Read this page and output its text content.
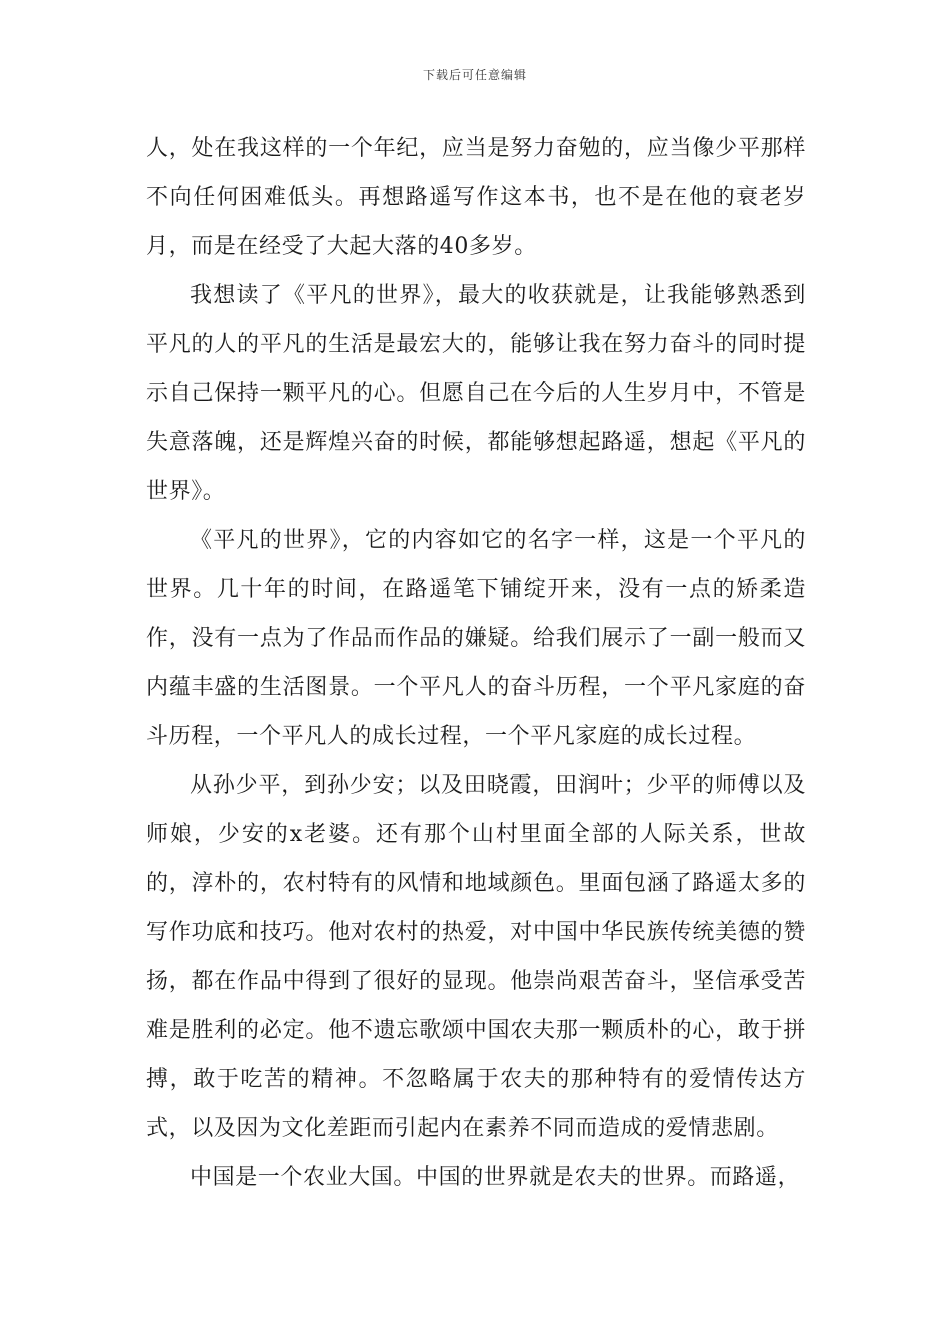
下载后可任意编辑

人，处在我这样的一个年纪，应当是努力奋勉的，应当像少平那样不向任何困难低头。再想路遥写作这本书，也不是在他的衰老岁月，而是在经受了大起大落的40多岁。

我想读了《平凡的世界》，最大的收获就是，让我能够熟悉到平凡的人的平凡的生活是最宏大的，能够让我在努力奋斗的同时提示自己保持一颗平凡的心。但愿自己在今后的人生岁月中，不管是失意落魄，还是辉煌兴奋的时候，都能够想起路遥，想起《平凡的世界》。

《平凡的世界》，它的内容如它的名字一样，这是一个平凡的世界。几十年的时间，在路遥笔下铺绽开来，没有一点的矫柔造作，没有一点为了作品而作品的嫌疑。给我们展示了一副一般而又内蕴丰盛的生活图景。一个平凡人的奋斗历程，一个平凡家庭的奋斗历程，一个平凡人的成长过程，一个平凡家庭的成长过程。

从孙少平，到孙少安；以及田晓霞，田润叶；少平的师傅以及师娘，少安的x老婆。还有那个山村里面全部的人际关系，世故的，淳朴的，农村特有的风情和地域颜色。里面包涵了路遥太多的写作功底和技巧。他对农村的热爱，对中国中华民族传统美德的赞扬，都在作品中得到了很好的显现。他崇尚艰苦奋斗，坚信承受苦难是胜利的必定。他不遗忘歌颂中国农夫那一颗质朴的心，敢于拼搏，敢于吃苦的精神。不忽略属于农夫的那种特有的爱情传达方式，以及因为文化差距而引起内在素养不同而造成的爱情悲剧。

中国是一个农业大国。中国的世界就是农夫的世界。而路遥，
